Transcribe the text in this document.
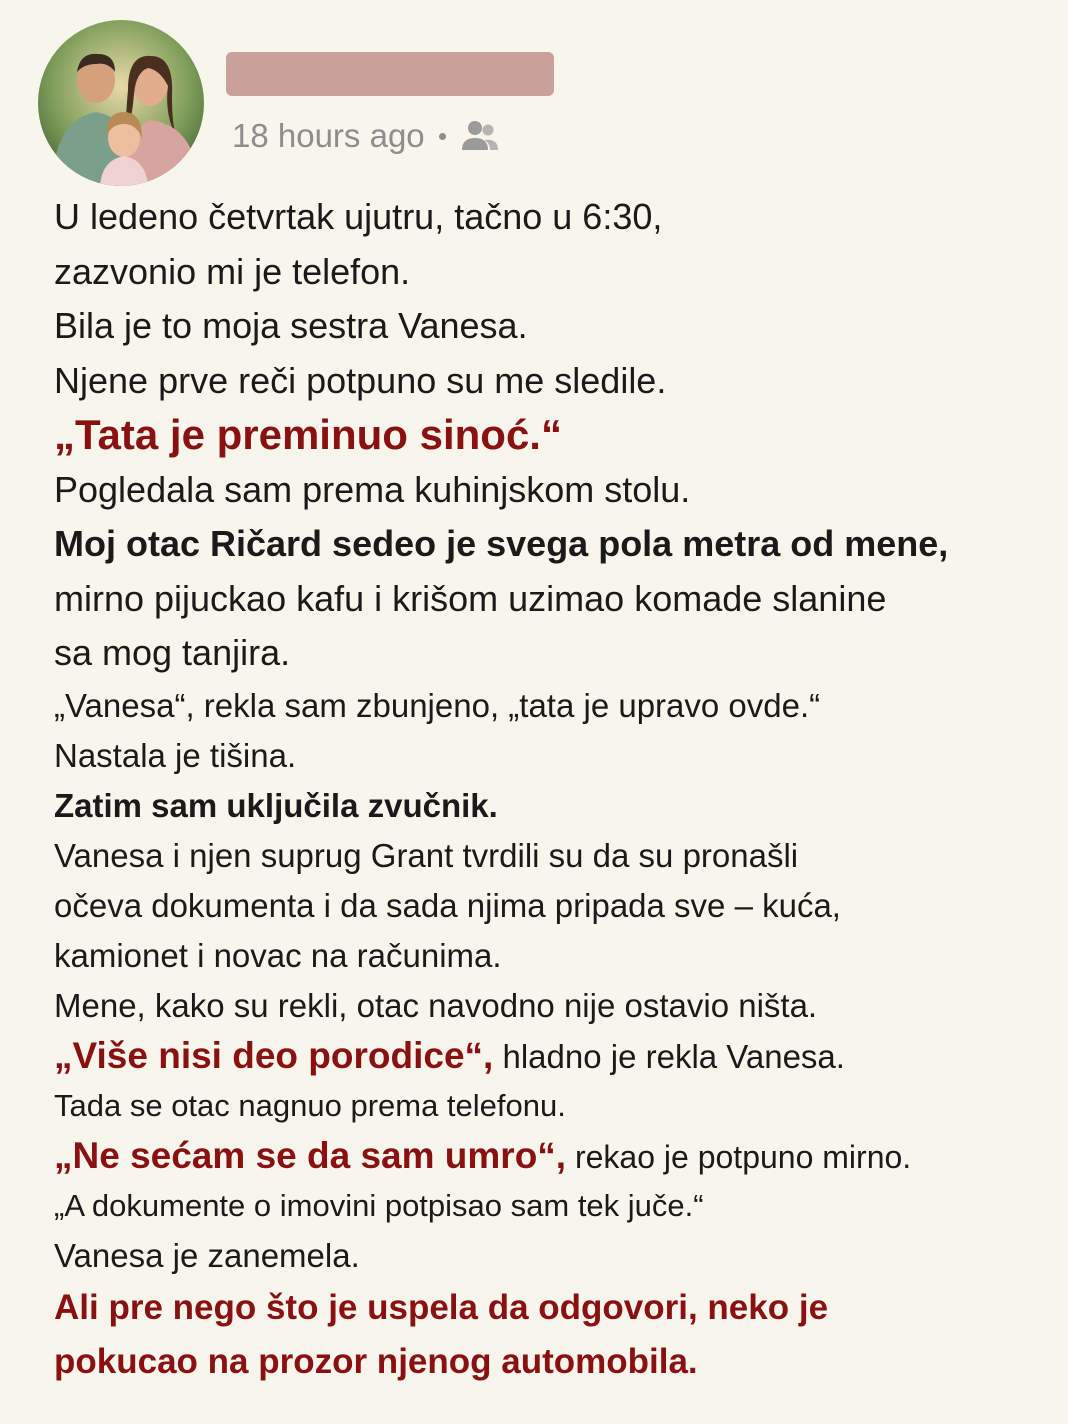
18 hours ago
U ledeno četvrtak ujutru, tačno u 6:30,
zazvonio mi je telefon.
Bila je to moja sestra Vanesa.
Njene prve reči potpuno su me sledile.
„Tata je preminuo sinoć.“
Pogledala sam prema kuhinjskom stolu.
Moj otac Ričard sedeo je svega pola metra od mene,
mirno pijuckao kafu i krišom uzimao komade slanine
sa mog tanjira.
„Vanesa“, rekla sam zbunjeno, „tata je upravo ovde.“
Nastala je tišina.
Zatim sam uključila zvučnik.
Vanesa i njen suprug Grant tvrdili su da su pronašli
očeva dokumenta i da sada njima pripada sve – kuća,
kamionet i novac na računima.
Mene, kako su rekli, otac navodno nije ostavio ništa.
„Više nisi deo porodice“, hladno je rekla Vanesa.
Tada se otac nagnuo prema telefonu.
„Ne sećam se da sam umro“, rekao je potpuno mirno.
„A dokumente o imovini potpisao sam tek juče.“
Vanesa je zanemela.
Ali pre nego što je uspela da odgovori, neko je
pokucao na prozor njenog automobila.
